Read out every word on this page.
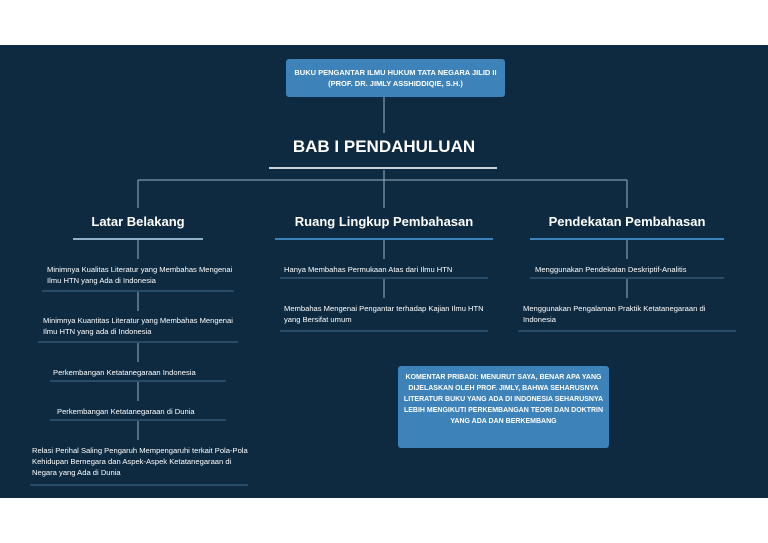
BUKU PENGANTAR ILMU HUKUM TATA NEGARA JILID II (PROF. DR. JIMLY ASSHIDDIQIE, S.H.)
BAB I PENDAHULUAN
Latar Belakang	Ruang Lingkup Pembahasan	Pendekatan Pembahasan
Minimnya Kualitas Literatur yang Membahas Mengenai Ilmu HTN yang Ada di Indonesia
Minimnya Kuantitas Literatur yang Membahas Mengenai Ilmu HTN yang ada di Indonesia
Perkembangan Ketatanegaraan Indonesia
Perkembangan Ketatanegaraan di Dunia
Relasi Perihal Saling Pengaruh Mempengaruhi terkait Pola-Pola Kehidupan Bernegara dan Aspek-Aspek Ketatanegaraan di Negara yang Ada di Dunia
Hanya Membahas Permukaan Atas dari Ilmu HTN
Membahas Mengenai Pengantar terhadap Kajian Ilmu HTN yang Bersifat umum
Menggunakan Pendekatan Deskriptif-Analitis
Menggunakan Pengalaman Praktik Ketatanegaraan di Indonesia
KOMENTAR PRIBADI: MENURUT SAYA, BENAR APA YANG DIJELASKAN OLEH PROF. JIMLY, BAHWA SEHARUSNYA LITERATUR BUKU YANG ADA DI INDONESIA SEHARUSNYA LEBIH MENGIKUTI PERKEMBANGAN TEORI DAN DOKTRIN YANG ADA DAN BERKEMBANG
